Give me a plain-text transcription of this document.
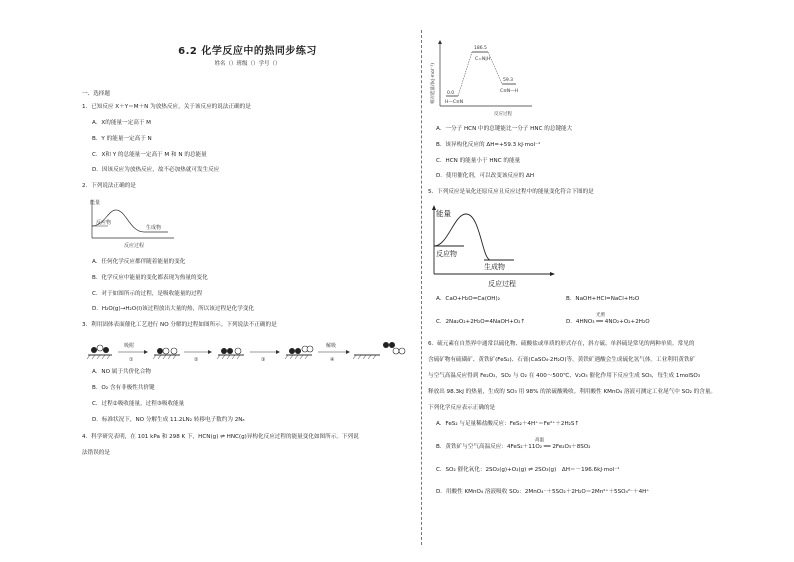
6.2 化学反应中的热同步练习
姓名（）班级（）学号（）
一、选择题
1．已知反应 X＋Y＝M＋N 为放热反应，关于该反应的说法正确的是
A．X的能量一定高于 M
B．Y 的能量一定高于 N
C．X和 Y 的总能量一定高于 M 和 N 的总能量
D．因该反应为放热反应，故不必加热就可发生反应
2．下列说法正确的是
能量
反应物
生成物
反应过程
A．任何化学反应都伴随着能量的变化
B．化学反应中能量的变化都表现为热量的变化
C．对于如图所示的过程，是吸收能量的过程
D．H₂O(g)→H₂O(l)该过程放出大量的热，所以该过程是化学变化
3．利用固体表面催化工艺进行 NO 分解的过程如图所示。下列说法不正确的是
吸附
①	②	③
解吸
④
A．NO 属于共价化合物
B．O₂ 含有非极性共价键
C．过程②吸收能量，过程③吸收能量
D．标准状况下，NO 分解生成 11.2LN₂ 转移电子数约为 2Nₐ
4．科学研究表明，在 101 kPa 和 298 K 下，HCN(g) ⇌ HNC(g)异构化反应过程的能量变化如图所示。下列说
法错误的是
相对能量/(kJ·mol⁻¹)
186.5
C=N|H
59.3
C≡N—H
0.0
H—C≡N
反应过程
A．一分子 HCN 中的总键能比一分子 HNC 的总键能大
B．该异构化反应的 ΔH=+59.3 kJ·mol⁻¹
C．HCN 的能量小于 HNC 的能量
D．使用催化剂，可以改变该反应的 ΔH
5．下列反应是氧化还原反应且反应过程中的能量变化符合下图的是
能量
反应物
生成物
反应过程
A．CaO+H₂O=Ca(OH)₂	B．NaOH+HCl=NaCl+H₂O
C．2Na₂O₂+2H₂O=4NaOH+O₂↑
光照
D．4HNO₃ ══ 4NO₂+O₂+2H₂O
6．硫元素在自然界中通常以硫化物、硫酸盐或单质的形式存在，斜方硫、单斜硫是常见的两种单质。常见的
含硫矿物有硫磺矿、黄铁矿(FeS₂)、石膏(CaSO₄·2H₂O)等。黄铁矿遇酸会生成硫化氢气体。工业利用黄铁矿
与空气高温反应得到 Fe₂O₃，SO₂ 与 O₂ 在 400～500℃、V₂O₅ 催化作用下反应生成 SO₃，每生成 1molSO₃
释放出 98.3kJ 的热量，生成的 SO₃ 用 98% 的浓硫酸吸收。利用酸性 KMnO₄ 溶液可测定工业尾气中 SO₂ 的含量。
下列化学反应表示正确的是
A．FeS₂ 与足量稀盐酸反应：FeS₂＋4H⁺＝Fe²⁺＋2H₂S↑
高温
B．黄铁矿与空气高温反应：4FeS₂＋11O₂ ══ 2Fe₂O₃＋8SO₂
C．SO₂ 催化氧化：2SO₂(g)+O₂(g) ⇌ 2SO₃(g)　ΔH＝－196.6kJ·mol⁻¹
D．用酸性 KMnO₄ 溶液吸收 SO₂：2MnO₄⁻＋5SO₂＋2H₂O＝2Mn²⁺＋5SO₄²⁻＋4H⁺
